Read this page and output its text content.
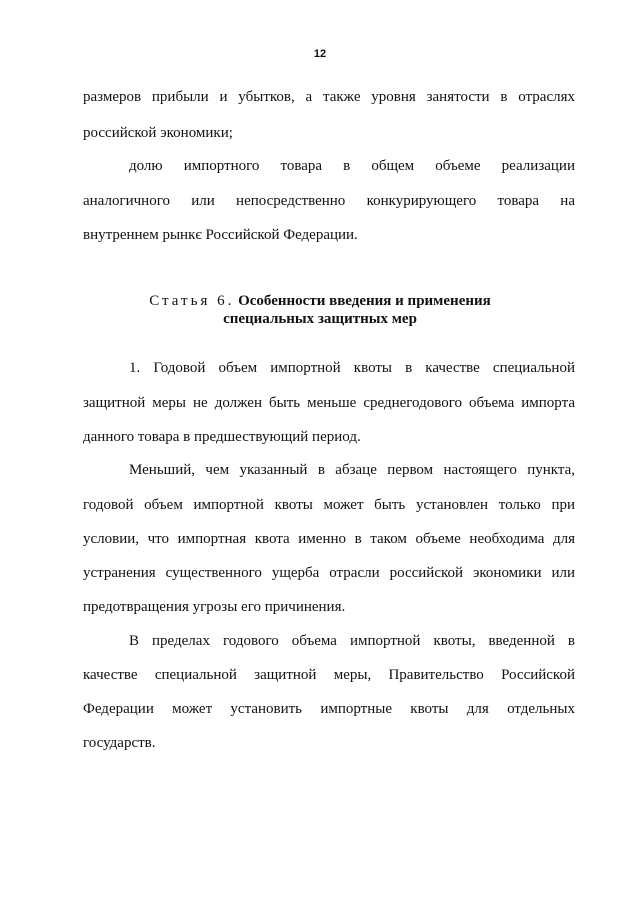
12
размеров прибыли и убытков, а также уровня занятости в отраслях
российской экономики;
долю импортного товара в общем объеме реализации
аналогичного или непосредственно конкурирующего товара на
внутреннем рынкє Российской Федерации.
Статья 6. Особенности введения и применения
специальных защитных мер
1. Годовой объем импортной квоты в качестве специальной
защитной меры не должен быть меньше среднегодового объема импорта
данного товара в предшествующий период.
Меньший, чем указанный в абзаце первом настоящего пункта,
годовой объем импортной квоты может быть установлен только при
условии, что импортная квота именно в таком объеме необходима для
устранения существенного ущерба отрасли российской экономики или
предотвращения угрозы его причинения.
В пределах годового объема импортной квоты, введенной в
качестве специальной защитной меры, Правительство Российской
Федерации может установить импортные квоты для отдельных
государств.
